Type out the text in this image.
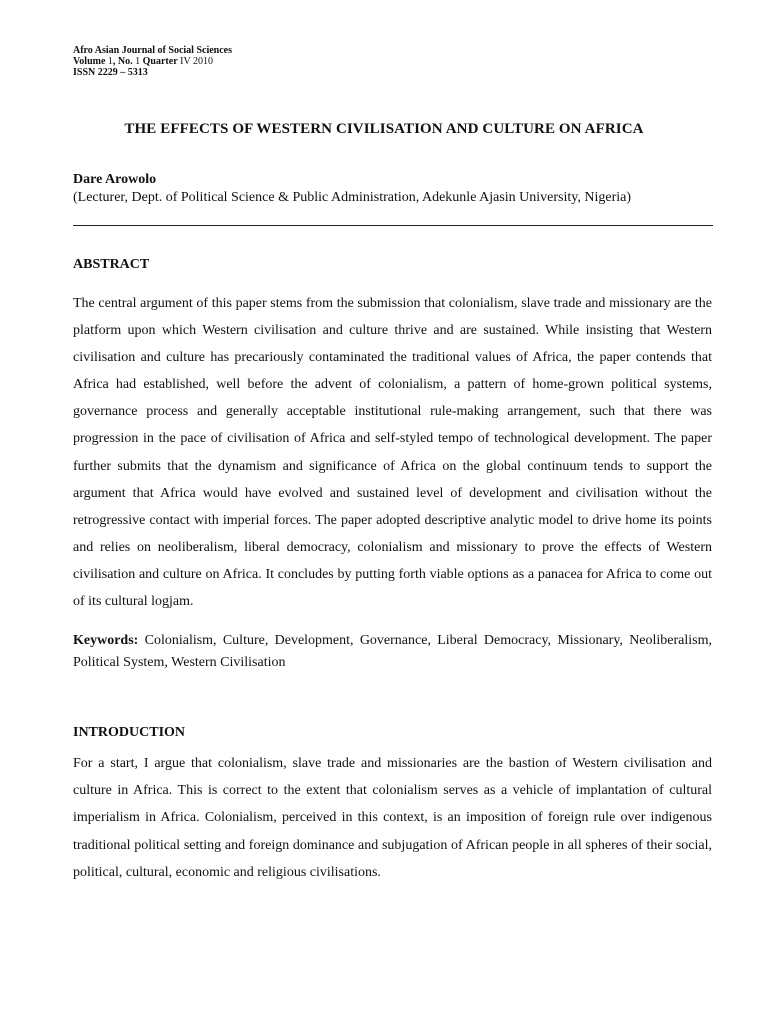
Afro Asian Journal of Social Sciences
Volume 1, No. 1 Quarter IV 2010
ISSN 2229 – 5313
THE EFFECTS OF WESTERN CIVILISATION AND CULTURE ON AFRICA
Dare Arowolo
(Lecturer, Dept. of Political Science & Public Administration, Adekunle Ajasin University, Nigeria)
ABSTRACT
The central argument of this paper stems from the submission that colonialism, slave trade and missionary are the platform upon which Western civilisation and culture thrive and are sustained. While insisting that Western civilisation and culture has precariously contaminated the traditional values of Africa, the paper contends that Africa had established, well before the advent of colonialism, a pattern of home-grown political systems, governance process and generally acceptable institutional rule-making arrangement, such that there was progression in the pace of civilisation of Africa and self-styled tempo of technological development. The paper further submits that the dynamism and significance of Africa on the global continuum tends to support the argument that Africa would have evolved and sustained level of development and civilisation without the retrogressive contact with imperial forces. The paper adopted descriptive analytic model to drive home its points and relies on neoliberalism, liberal democracy, colonialism and missionary to prove the effects of Western civilisation and culture on Africa. It concludes by putting forth viable options as a panacea for Africa to come out of its cultural logjam.
Keywords: Colonialism, Culture, Development, Governance, Liberal Democracy, Missionary, Neoliberalism, Political System, Western Civilisation
INTRODUCTION
For a start, I argue that colonialism, slave trade and missionaries are the bastion of Western civilisation and culture in Africa. This is correct to the extent that colonialism serves as a vehicle of implantation of cultural imperialism in Africa. Colonialism, perceived in this context, is an imposition of foreign rule over indigenous traditional political setting and foreign dominance and subjugation of African people in all spheres of their social, political, cultural, economic and religious civilisations.
